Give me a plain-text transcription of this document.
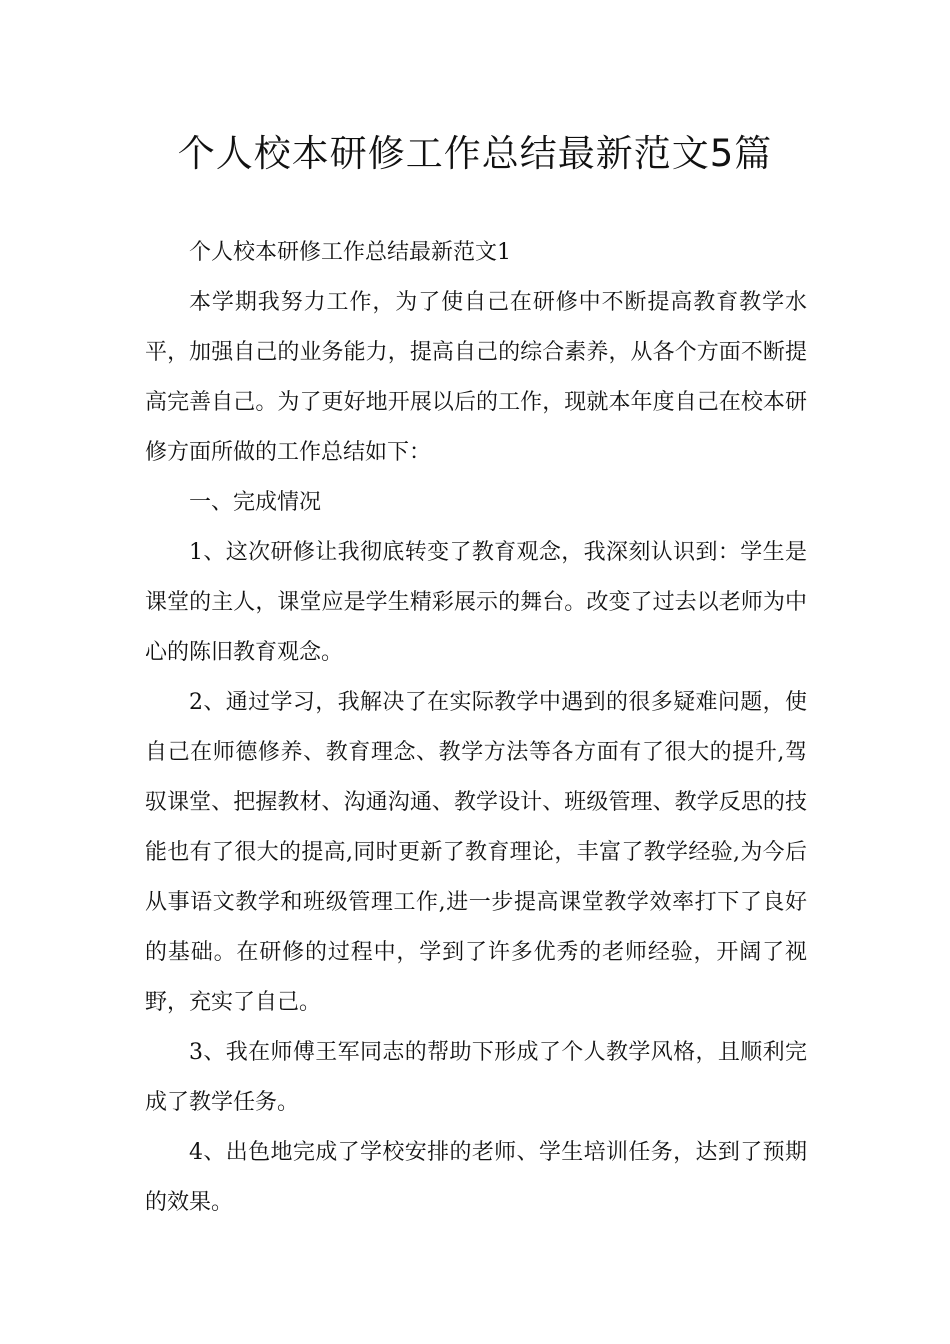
个人校本研修工作总结最新范文5篇

个人校本研修工作总结最新范文1

本学期我努力工作，为了使自己在研修中不断提高教育教学水平，加强自己的业务能力，提高自己的综合素养，从各个方面不断提高完善自己。为了更好地开展以后的工作，现就本年度自己在校本研修方面所做的工作总结如下：

一、完成情况

1、这次研修让我彻底转变了教育观念，我深刻认识到：学生是课堂的主人，课堂应是学生精彩展示的舞台。改变了过去以老师为中心的陈旧教育观念。

2、通过学习，我解决了在实际教学中遇到的很多疑难问题，使自己在师德修养、教育理念、教学方法等各方面有了很大的提升,驾驭课堂、把握教材、沟通沟通、教学设计、班级管理、教学反思的技能也有了很大的提高,同时更新了教育理论，丰富了教学经验,为今后从事语文教学和班级管理工作,进一步提高课堂教学效率打下了良好的基础。在研修的过程中，学到了许多优秀的老师经验，开阔了视野，充实了自己。

3、我在师傅王军同志的帮助下形成了个人教学风格，且顺利完成了教学任务。

4、出色地完成了学校安排的老师、学生培训任务，达到了预期的效果。
